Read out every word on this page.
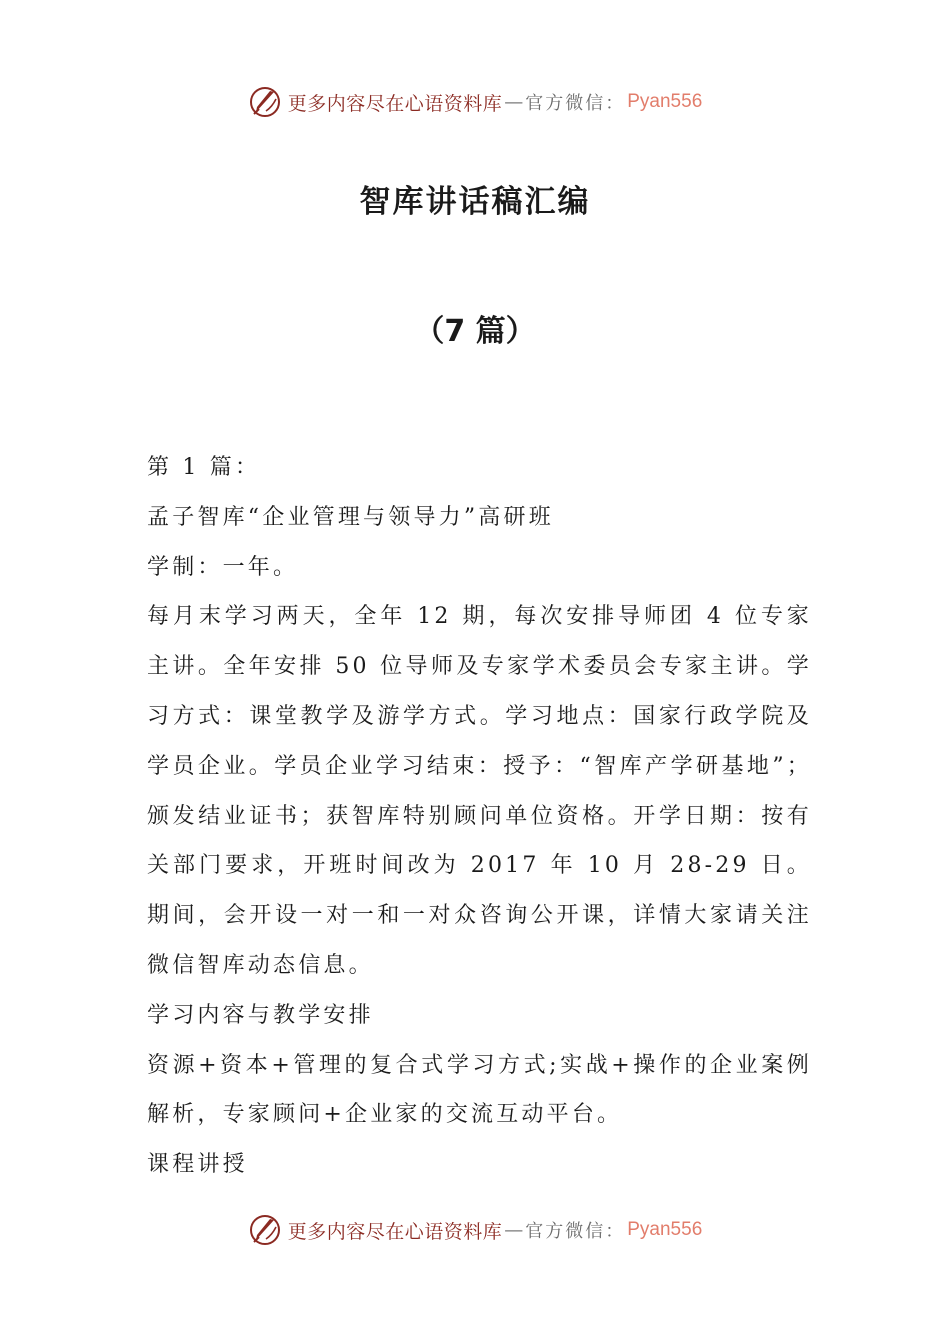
更多内容尽在心语资料库 — 官方微信： Pyan556
智库讲话稿汇编
（7 篇）

第 1 篇：

孟子智库“企业管理与领导力”高研班

学制：一年。

每月末学习两天，全年 12 期，每次安排导师团 4 位专家主讲。全年安排 50 位导师及专家学术委员会专家主讲。学习方式：课堂教学及游学方式。学习地点：国家行政学院及学员企业。学员企业学习结束：授予：“智库产学研基地”；颁发结业证书；获智库特别顾问单位资格。开学日期：按有关部门要求，开班时间改为 2017 年 10 月 28-29 日。期间，会开设一对一和一对众咨询公开课，详情大家请关注微信智库动态信息。

学习内容与教学安排

资源+资本+管理的复合式学习方式;实战+操作的企业案例解析，专家顾问+企业家的交流互动平台。

课程讲授

更多内容尽在心语资料库 — 官方微信： Pyan556
